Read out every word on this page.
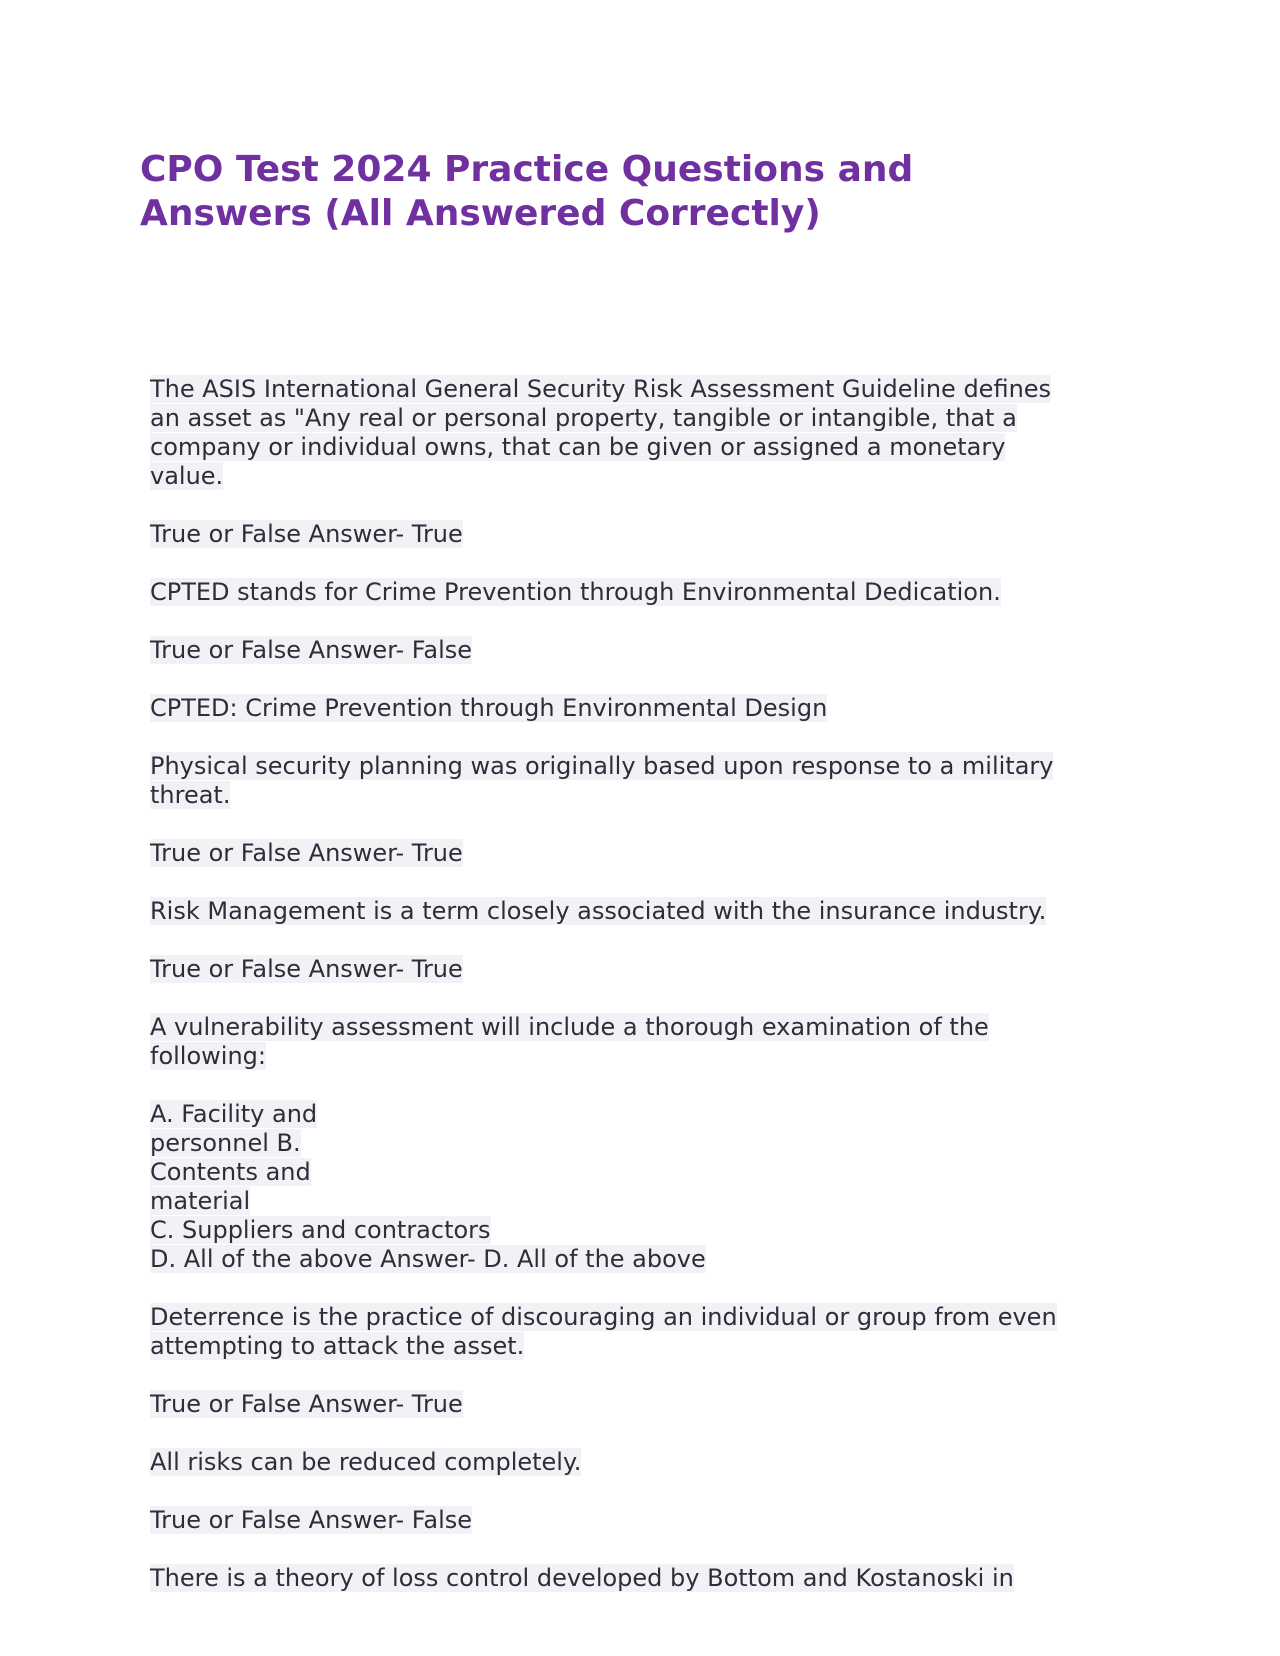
CPO Test 2024 Practice Questions and
Answers (All Answered Correctly)
The ASIS International General Security Risk Assessment Guideline defines
an asset as "Any real or personal property, tangible or intangible, that a
company or individual owns, that can be given or assigned a monetary
value.
True or False Answer- True
CPTED stands for Crime Prevention through Environmental Dedication.
True or False Answer- False
CPTED: Crime Prevention through Environmental Design
Physical security planning was originally based upon response to a military
threat.
True or False Answer- True
Risk Management is a term closely associated with the insurance industry.
True or False Answer- True
A vulnerability assessment will include a thorough examination of the
following:
A. Facility and
personnel B.
Contents and
material
C. Suppliers and contractors
D. All of the above Answer- D. All of the above
Deterrence is the practice of discouraging an individual or group from even
attempting to attack the asset.
True or False Answer- True
All risks can be reduced completely.
True or False Answer- False
There is a theory of loss control developed by Bottom and Kostanoski in
